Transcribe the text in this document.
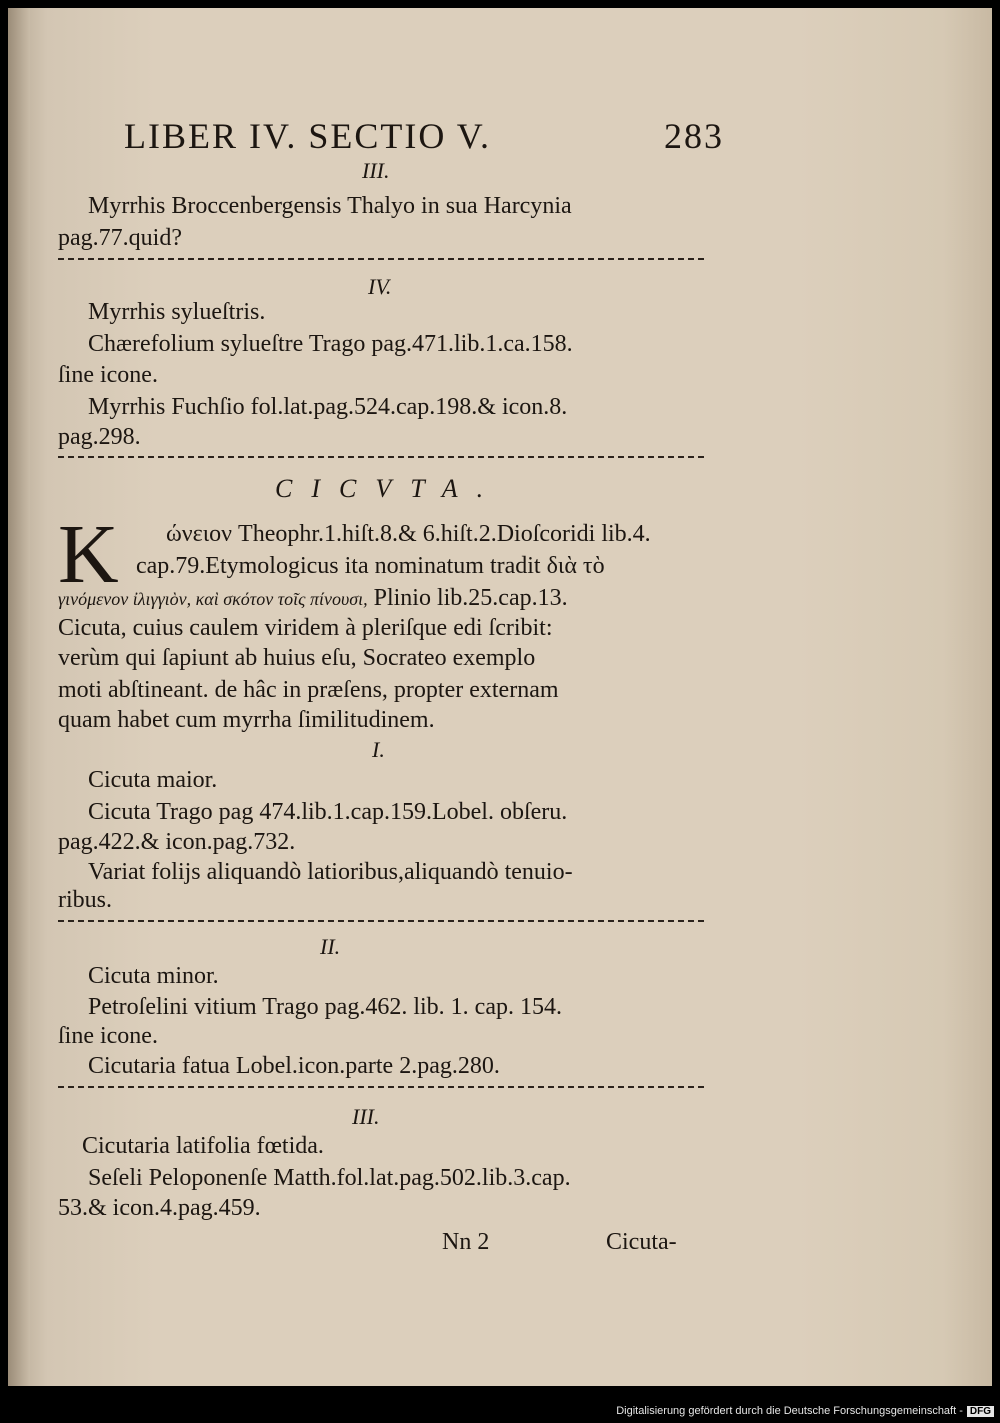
LIBER IV. SECTIO V.	283
III.
Myrrhis Broccenbergensis Thalyo in sua Harcynia
pag.77.quid?
IV.
Myrrhis sylueſtris.
Chærefolium sylueſtre Trago pag.471.lib.1.ca.158.
ſine icone.
Myrrhis Fuchſio fol.lat.pag.524.cap.198.& icon.8.
pag.298.
CICVTA.
K ώνειον Theophr.1.hiſt.8.& 6.hiſt.2.Dioſcoridi lib.4.
cap.79.Etymologicus ita nominatum tradit διὰ τὸ
γινόμενον ἰλιγγιὸν, καὶ σκότον τοῖς πίνουσι, Plinio lib.25.cap.13.
Cicuta, cuius caulem viridem à pleriſque edi ſcribit:
verùm qui ſapiunt ab huius eſu, Socrateo exemplo
moti abſtineant. de hâc in præſens, propter externam
quam habet cum myrrha ſimilitudinem.
I.
Cicuta maior.
Cicuta Trago pag 474.lib.1.cap.159.Lobel. obſeru.
pag.422.& icon.pag.732.
Variat folijs aliquandò latioribus,aliquandò tenuio-
ribus.
II.
Cicuta minor.
Petroſelini vitium Trago pag.462. lib. 1. cap. 154.
ſine icone.
Cicutaria fatua Lobel.icon.parte 2.pag.280.
III.
Cicutaria latifolia fœtida.
Seſeli Peloponenſe Matth.fol.lat.pag.502.lib.3.cap.
53.& icon.4.pag.459.
Nn 2	Cicuta-
Digitalisierung gefördert durch die Deutsche Forschungsgemeinschaft - DFG
